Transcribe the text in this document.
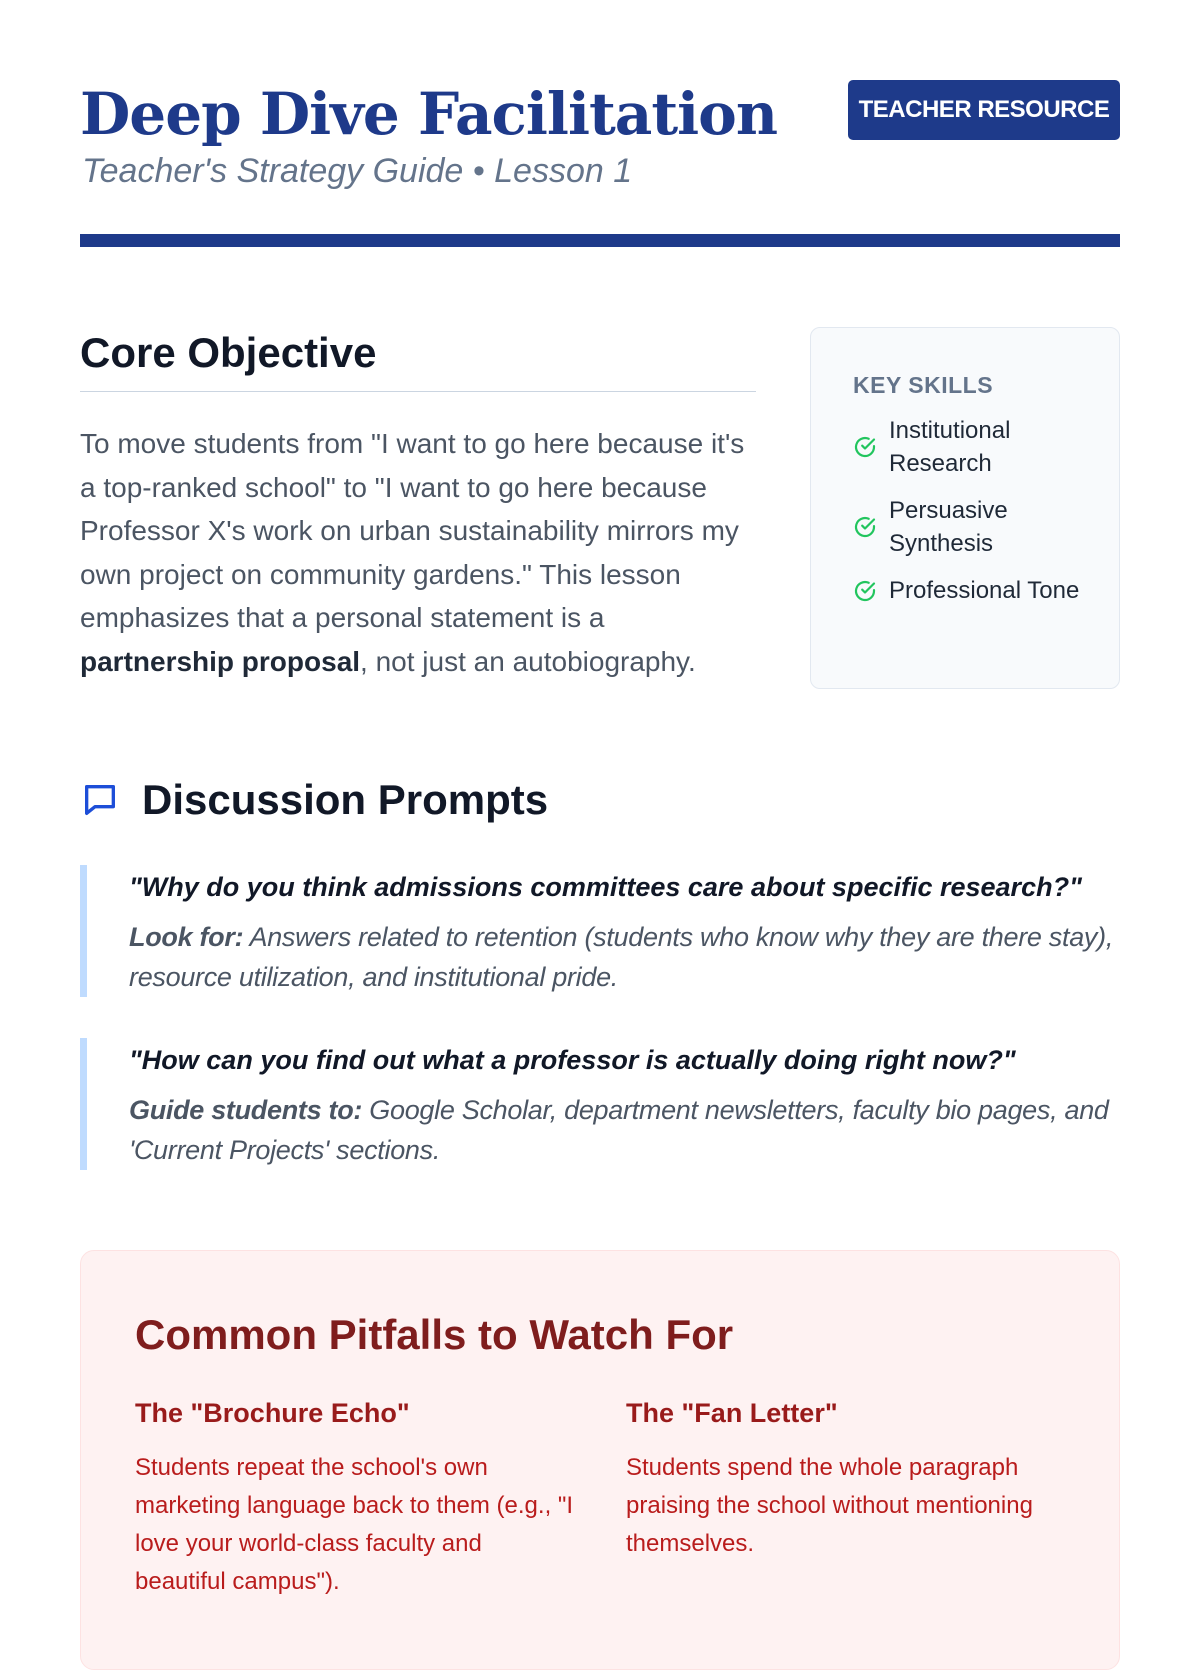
Deep Dive Facilitation

Teacher's Strategy Guide • Lesson 1

TEACHER RESOURCE
Core Objective

To move students from "I want to go here because it's a top-ranked school" to "I want to go here because Professor X's work on urban sustainability mirrors my own project on community gardens." This lesson emphasizes that a personal statement is a partnership proposal, not just an autobiography.

KEY SKILLS
Institutional Research
Persuasive Synthesis
Professional Tone
Discussion Prompts

"Why do you think admissions committees care about specific research?"

Look for: Answers related to retention (students who know why they are there stay), resource utilization, and institutional pride.

"How can you find out what a professor is actually doing right now?"

Guide students to: Google Scholar, department newsletters, faculty bio pages, and 'Current Projects' sections.

Common Pitfalls to Watch For
The "Brochure Echo"

Students repeat the school's own marketing language back to them (e.g., "I love your world-class faculty and beautiful campus").

The "Fan Letter"

Students spend the whole paragraph praising the school without mentioning themselves.
